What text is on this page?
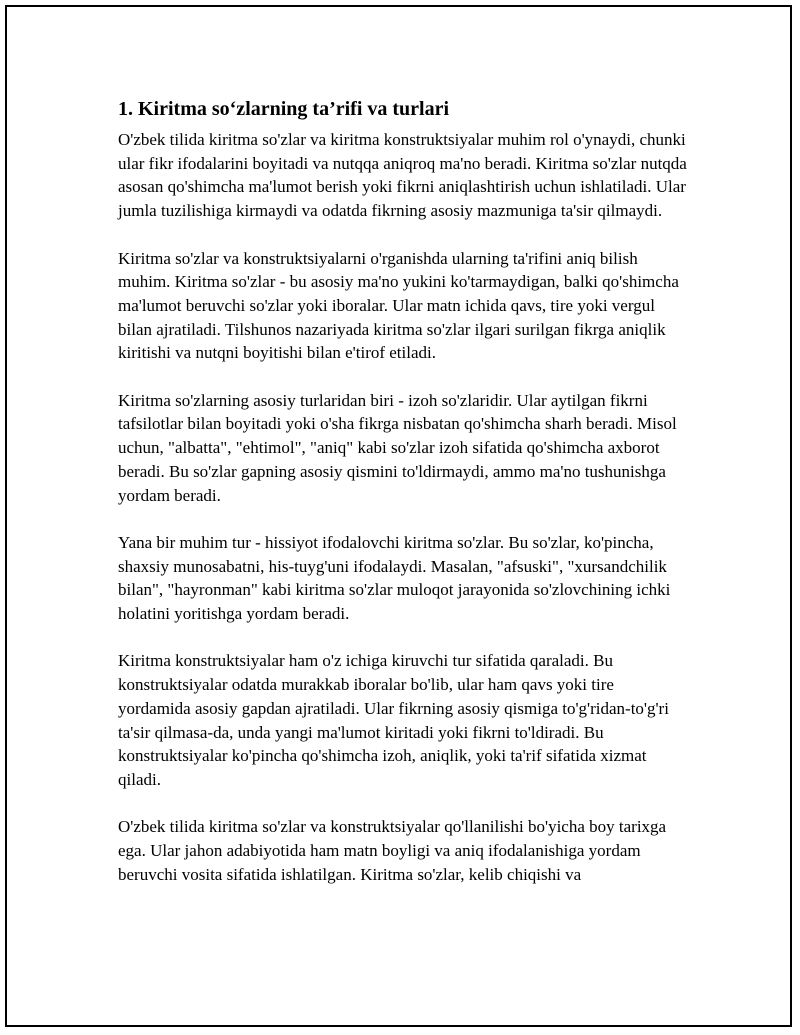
1. Kiritma so‘zlarning ta’rifi va turlari

O'zbek tilida kiritma so'zlar va kiritma konstruktsiyalar muhim rol o'ynaydi, chunki ular fikr ifodalarini boyitadi va nutqqa aniqroq ma'no beradi. Kiritma so'zlar nutqda asosan qo'shimcha ma'lumot berish yoki fikrni aniqlashtirish uchun ishlatiladi. Ular jumla tuzilishiga kirmaydi va odatda fikrning asosiy mazmuniga ta'sir qilmaydi.

Kiritma so'zlar va konstruktsiyalarni o'rganishda ularning ta'rifini aniq bilish muhim. Kiritma so'zlar - bu asosiy ma'no yukini ko'tarmaydigan, balki qo'shimcha ma'lumot beruvchi so'zlar yoki iboralar. Ular matn ichida qavs, tire yoki vergul bilan ajratiladi. Tilshunos nazariyada kiritma so'zlar ilgari surilgan fikrga aniqlik kiritishi va nutqni boyitishi bilan e'tirof etiladi.

Kiritma so'zlarning asosiy turlaridan biri - izoh so'zlaridir. Ular aytilgan fikrni tafsilotlar bilan boyitadi yoki o'sha fikrga nisbatan qo'shimcha sharh beradi. Misol uchun, "albatta", "ehtimol", "aniq" kabi so'zlar izoh sifatida qo'shimcha axborot beradi. Bu so'zlar gapning asosiy qismini to'ldirmaydi, ammo ma'no tushunishga yordam beradi.

Yana bir muhim tur - hissiyot ifodalovchi kiritma so'zlar. Bu so'zlar, ko'pincha, shaxsiy munosabatni, his-tuyg'uni ifodalaydi. Masalan, "afsuski", "xursandchilik bilan", "hayronman" kabi kiritma so'zlar muloqot jarayonida so'zlovchining ichki holatini yoritishga yordam beradi.

Kiritma konstruktsiyalar ham o'z ichiga kiruvchi tur sifatida qaraladi. Bu konstruktsiyalar odatda murakkab iboralar bo'lib, ular ham qavs yoki tire yordamida asosiy gapdan ajratiladi. Ular fikrning asosiy qismiga to'g'ridan-to'g'ri ta'sir qilmasa-da, unda yangi ma'lumot kiritadi yoki fikrni to'ldiradi. Bu konstruktsiyalar ko'pincha qo'shimcha izoh, aniqlik, yoki ta'rif sifatida xizmat qiladi.

O'zbek tilida kiritma so'zlar va konstruktsiyalar qo'llanilishi bo'yicha boy tarixga ega. Ular jahon adabiyotida ham matn boyligi va aniq ifodalanishiga yordam beruvchi vosita sifatida ishlatilgan. Kiritma so'zlar, kelib chiqishi va
